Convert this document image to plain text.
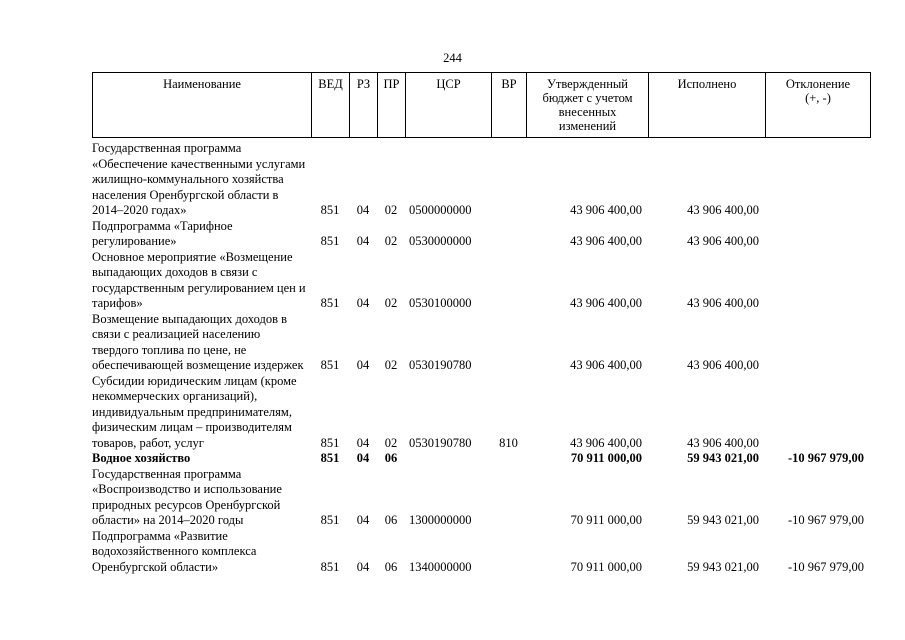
244
Наименование	ВЕД	РЗ	ПР	ЦСР	ВР	Утвержденный бюджет с учетом внесенных изменений	Исполнено	Отклонение (+, -)
Государственная программа «Обеспечение качественными услугами жилищно-коммунального хозяйства населения Оренбургской области в 2014–2020 годах»	851	04	02	0500000000		43 906 400,00	43 906 400,00	
Подпрограмма «Тарифное регулирование»	851	04	02	0530000000		43 906 400,00	43 906 400,00	
Основное мероприятие «Возмещение выпадающих доходов в связи с государственным регулированием цен и тарифов»	851	04	02	0530100000		43 906 400,00	43 906 400,00	
Возмещение выпадающих доходов в связи с реализацией населению твердого топлива по цене, не обеспечивающей возмещение издержек	851	04	02	0530190780		43 906 400,00	43 906 400,00	
Субсидии юридическим лицам (кроме некоммерческих организаций), индивидуальным предпринимателям, физическим лицам – производителям товаров, работ, услуг	851	04	02	0530190780	810	43 906 400,00	43 906 400,00	
Водное хозяйство	851	04	06			70 911 000,00	59 943 021,00	-10 967 979,00
Государственная программа «Воспроизводство и использование природных ресурсов Оренбургской области» на 2014–2020 годы	851	04	06	1300000000		70 911 000,00	59 943 021,00	-10 967 979,00
Подпрограмма «Развитие водохозяйственного комплекса Оренбургской области»	851	04	06	1340000000		70 911 000,00	59 943 021,00	-10 967 979,00
